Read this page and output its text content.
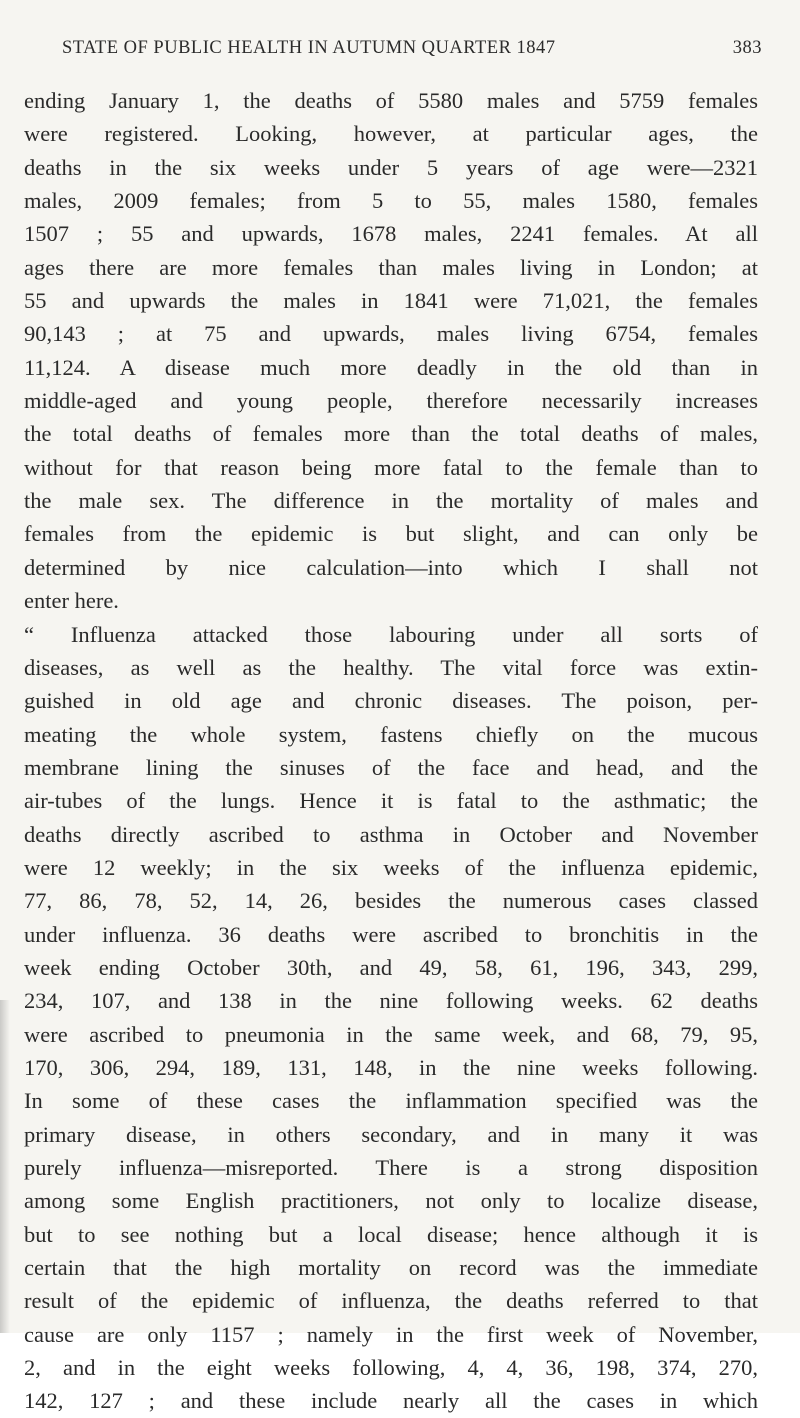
STATE OF PUBLIC HEALTH IN AUTUMN QUARTER 1847	383
ending January 1, the deaths of 5580 males and 5759 females
were registered. Looking, however, at particular ages, the
deaths in the six weeks under 5 years of age were—2321
males, 2009 females; from 5 to 55, males 1580, females
1507 ; 55 and upwards, 1678 males, 2241 females. At all
ages there are more females than males living in London; at
55 and upwards the males in 1841 were 71,021, the females
90,143 ; at 75 and upwards, males living 6754, females
11,124. A disease much more deadly in the old than in
middle-aged and young people, therefore necessarily increases
the total deaths of females more than the total deaths of males,
without for that reason being more fatal to the female than to
the male sex. The difference in the mortality of males and
females from the epidemic is but slight, and can only be
determined by nice calculation—into which I shall not
enter here.
“ Influenza attacked those labouring under all sorts of
diseases, as well as the healthy. The vital force was extin-
guished in old age and chronic diseases. The poison, per-
meating the whole system, fastens chiefly on the mucous
membrane lining the sinuses of the face and head, and the
air-tubes of the lungs. Hence it is fatal to the asthmatic; the
deaths directly ascribed to asthma in October and November
were 12 weekly; in the six weeks of the influenza epidemic,
77, 86, 78, 52, 14, 26, besides the numerous cases classed
under influenza. 36 deaths were ascribed to bronchitis in the
week ending October 30th, and 49, 58, 61, 196, 343, 299,
234, 107, and 138 in the nine following weeks. 62 deaths
were ascribed to pneumonia in the same week, and 68, 79, 95,
170, 306, 294, 189, 131, 148, in the nine weeks following.
In some of these cases the inflammation specified was the
primary disease, in others secondary, and in many it was
purely influenza—misreported. There is a strong disposition
among some English practitioners, not only to localize disease,
but to see nothing but a local disease; hence although it is
certain that the high mortality on record was the immediate
result of the epidemic of influenza, the deaths referred to that
cause are only 1157 ; namely in the first week of November,
2, and in the eight weeks following, 4, 4, 36, 198, 374, 270,
142, 127 ; and these include nearly all the cases in which
